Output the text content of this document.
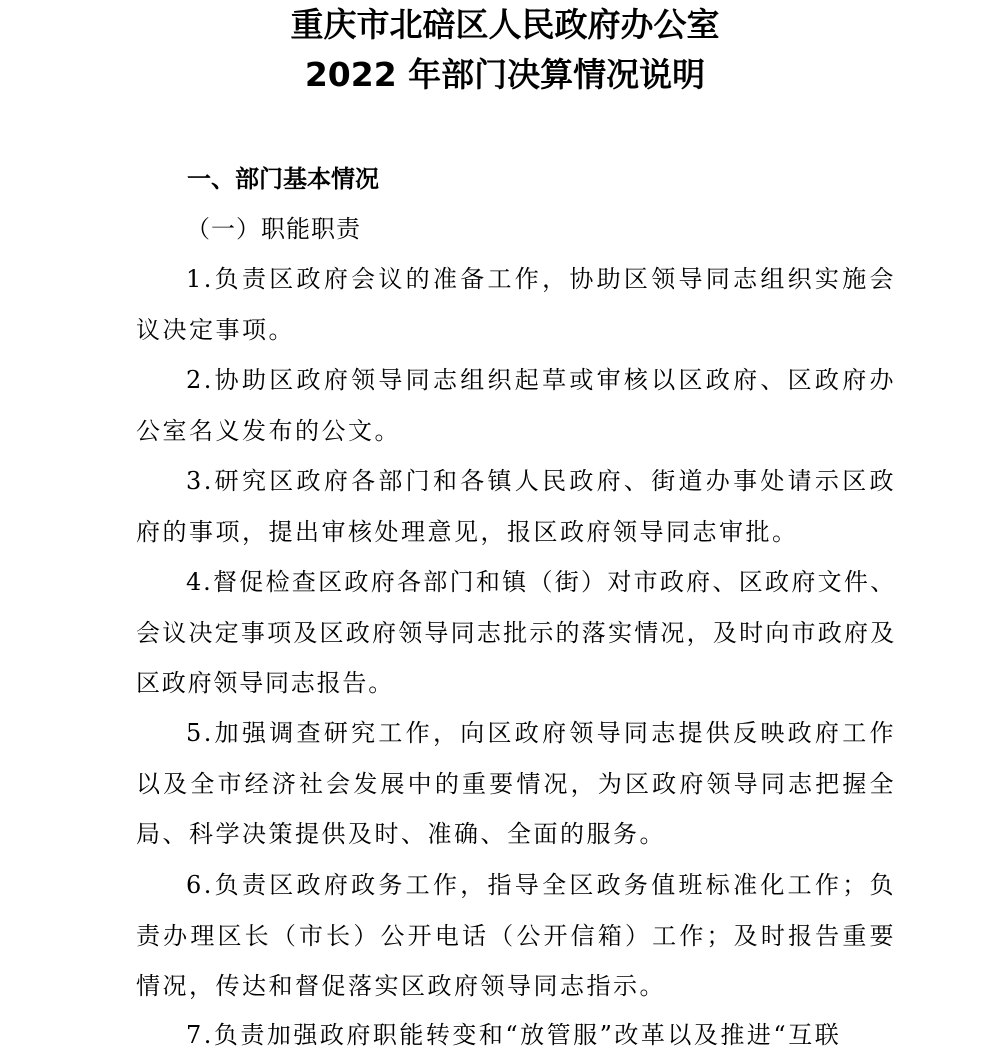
重庆市北碚区人民政府办公室
2022 年部门决算情况说明
一、部门基本情况
（一）职能职责

1.负责区政府会议的准备工作，协助区领导同志组织实施会议决定事项。

2.协助区政府领导同志组织起草或审核以区政府、区政府办公室名义发布的公文。

3.研究区政府各部门和各镇人民政府、街道办事处请示区政府的事项，提出审核处理意见，报区政府领导同志审批。

4.督促检查区政府各部门和镇（街）对市政府、区政府文件、会议决定事项及区政府领导同志批示的落实情况，及时向市政府及区政府领导同志报告。

5.加强调查研究工作，向区政府领导同志提供反映政府工作以及全市经济社会发展中的重要情况，为区政府领导同志把握全局、科学决策提供及时、准确、全面的服务。

6.负责区政府政务工作，指导全区政务值班标准化工作；负责办理区长（市长）公开电话（公开信箱）工作；及时报告重要情况，传达和督促落实区政府领导同志指示。

7.负责加强政府职能转变和“放管服”改革以及推进“互联
